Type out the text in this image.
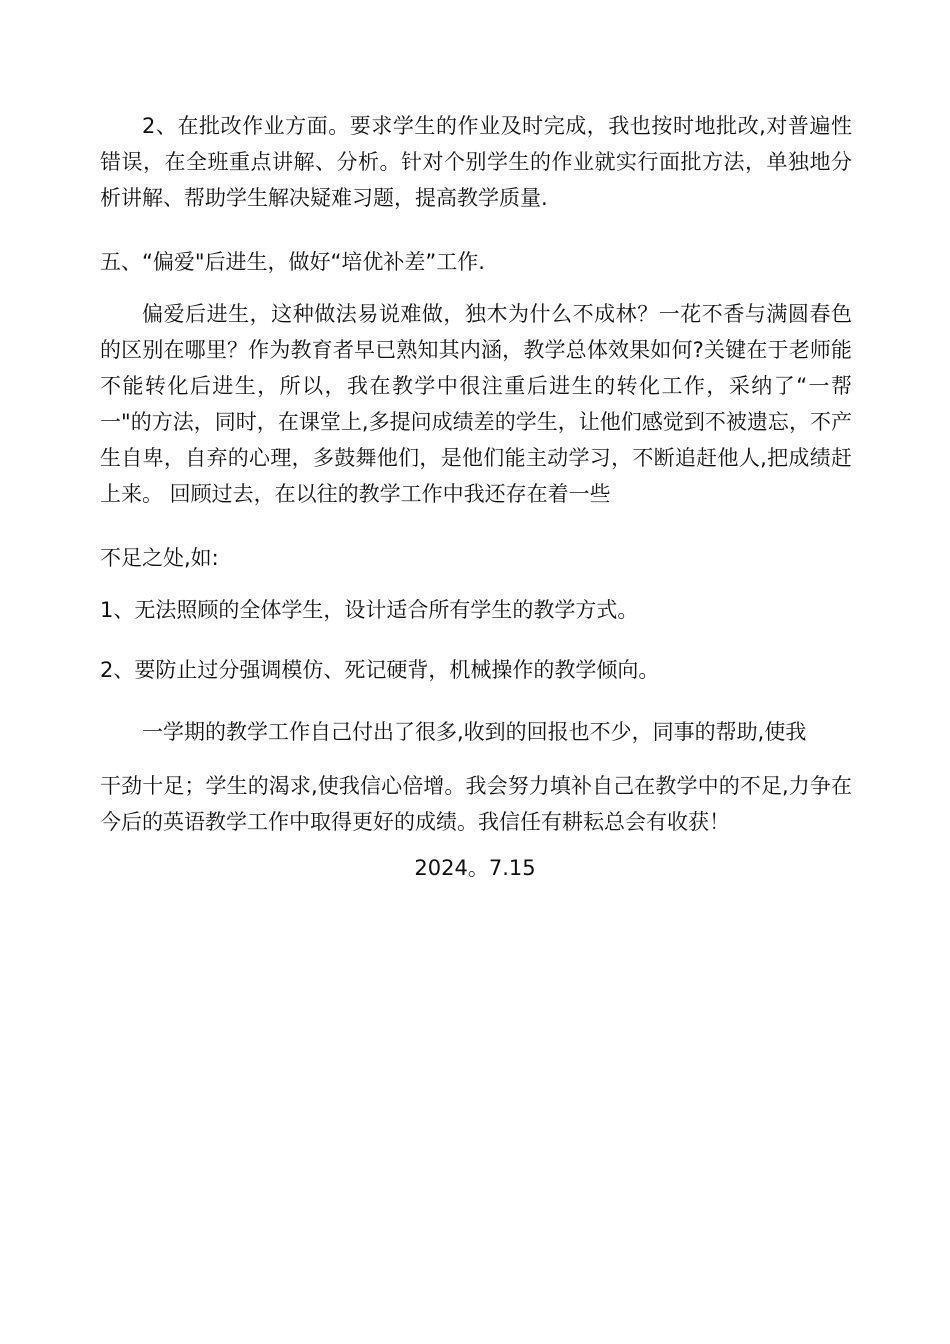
2、在批改作业方面。要求学生的作业及时完成，我也按时地批改,对普遍性错误，在全班重点讲解、分析。针对个别学生的作业就实行面批方法，单独地分析讲解、帮助学生解决疑难习题，提高教学质量.

五、“偏爱"后进生，做好“培优补差”工作.

偏爱后进生，这种做法易说难做，独木为什么不成林？一花不香与满圆春色的区别在哪里？作为教育者早已熟知其内涵，教学总体效果如何?关键在于老师能不能转化后进生，所以，我在教学中很注重后进生的转化工作，采纳了“一帮一"的方法，同时，在课堂上,多提问成绩差的学生，让他们感觉到不被遗忘，不产生自卑，自弃的心理，多鼓舞他们，是他们能主动学习，不断追赶他人,把成绩赶上来。 回顾过去，在以往的教学工作中我还存在着一些

不足之处,如:

1、无法照顾的全体学生，设计适合所有学生的教学方式。

2、要防止过分强调模仿、死记硬背，机械操作的教学倾向。

一学期的教学工作自己付出了很多,收到的回报也不少，同事的帮助,使我

干劲十足；学生的渴求,使我信心倍增。我会努力填补自己在教学中的不足,力争在今后的英语教学工作中取得更好的成绩。我信任有耕耘总会有收获！

2024。7.15
